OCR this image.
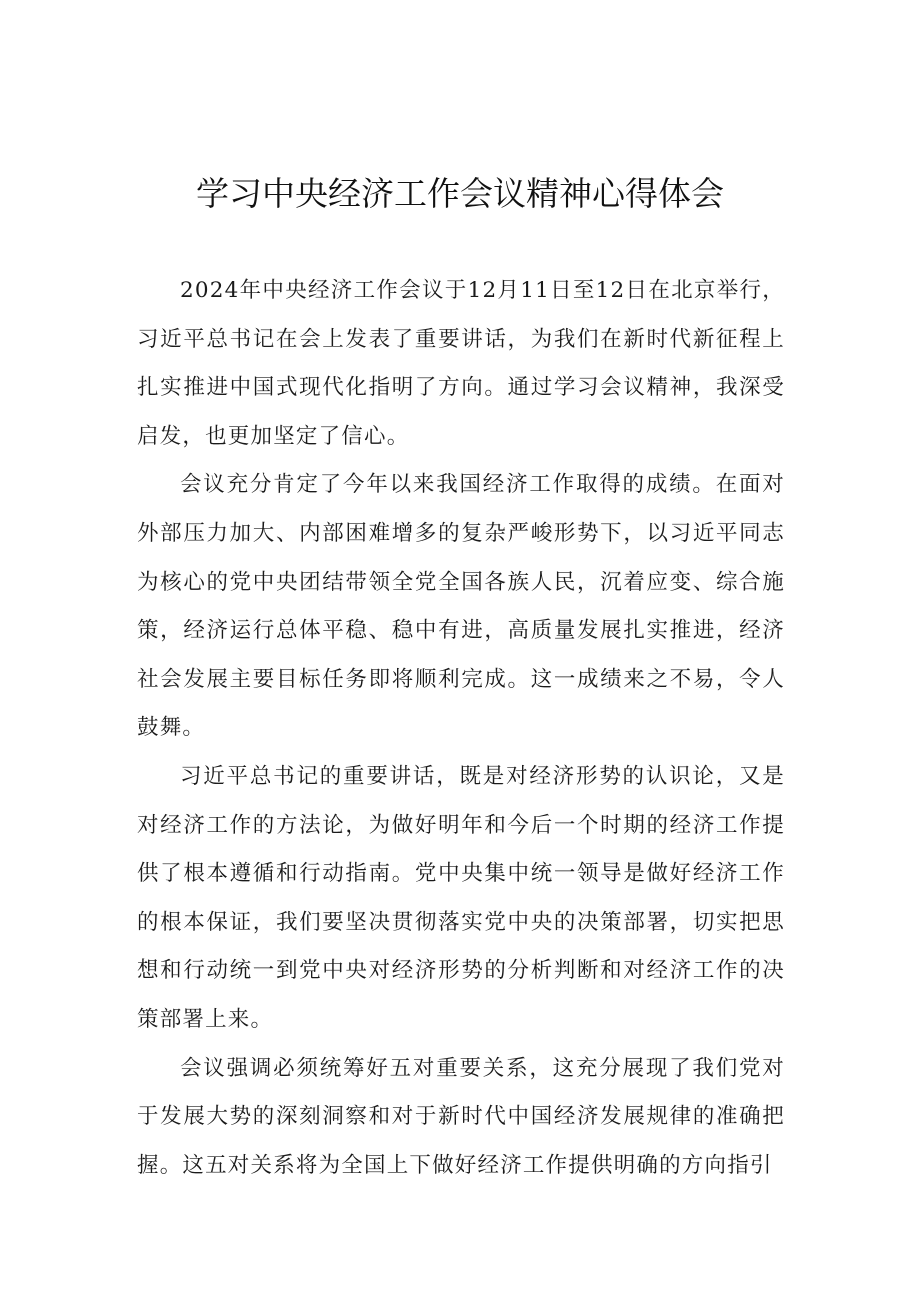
学习中央经济工作会议精神心得体会

2024年中央经济工作会议于12月11日至12日在北京举行，习近平总书记在会上发表了重要讲话，为我们在新时代新征程上扎实推进中国式现代化指明了方向。通过学习会议精神，我深受启发，也更加坚定了信心。

会议充分肯定了今年以来我国经济工作取得的成绩。在面对外部压力加大、内部困难增多的复杂严峻形势下，以习近平同志为核心的党中央团结带领全党全国各族人民，沉着应变、综合施策，经济运行总体平稳、稳中有进，高质量发展扎实推进，经济社会发展主要目标任务即将顺利完成。这一成绩来之不易，令人鼓舞。

习近平总书记的重要讲话，既是对经济形势的认识论，又是对经济工作的方法论，为做好明年和今后一个时期的经济工作提供了根本遵循和行动指南。党中央集中统一领导是做好经济工作的根本保证，我们要坚决贯彻落实党中央的决策部署，切实把思想和行动统一到党中央对经济形势的分析判断和对经济工作的决策部署上来。

会议强调必须统筹好五对重要关系，这充分展现了我们党对于发展大势的深刻洞察和对于新时代中国经济发展规律的准确把握。这五对关系将为全国上下做好经济工作提供明确的方向指引
